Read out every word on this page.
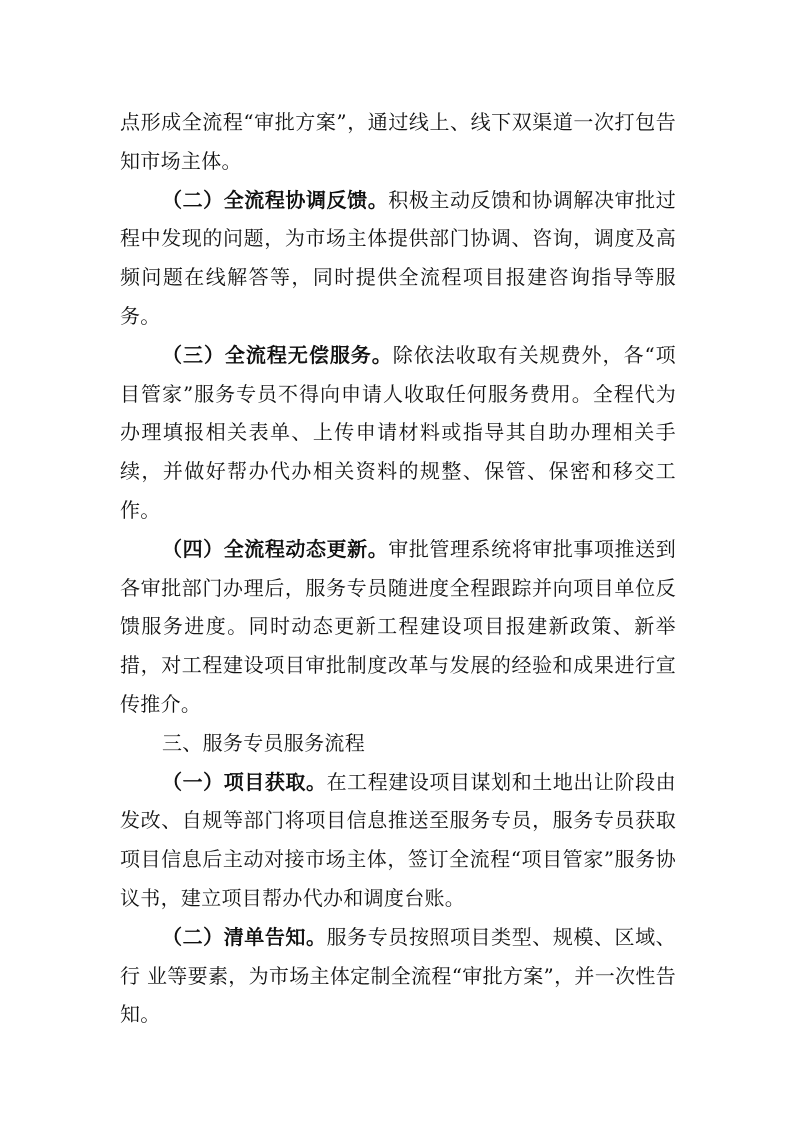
点形成全流程“审批方案”，通过线上、线下双渠道一次打包告知市场主体。

（二）全流程协调反馈。积极主动反馈和协调解决审批过程中发现的问题，为市场主体提供部门协调、咨询，调度及高频问题在线解答等，同时提供全流程项目报建咨询指导等服务。

（三）全流程无偿服务。除依法收取有关规费外，各“项目管家”服务专员不得向申请人收取任何服务费用。全程代为办理填报相关表单、上传申请材料或指导其自助办理相关手续，并做好帮办代办相关资料的规整、保管、保密和移交工作。

（四）全流程动态更新。审批管理系统将审批事项推送到各审批部门办理后，服务专员随进度全程跟踪并向项目单位反馈服务进度。同时动态更新工程建设项目报建新政策、新举措，对工程建设项目审批制度改革与发展的经验和成果进行宣传推介。

三、服务专员服务流程

（一）项目获取。在工程建设项目谋划和土地出让阶段由发改、自规等部门将项目信息推送至服务专员，服务专员获取项目信息后主动对接市场主体，签订全流程“项目管家”服务协议书，建立项目帮办代办和调度台账。

（二）清单告知。服务专员按照项目类型、规模、区域、行 业等要素，为市场主体定制全流程“审批方案”，并一次性告知。
